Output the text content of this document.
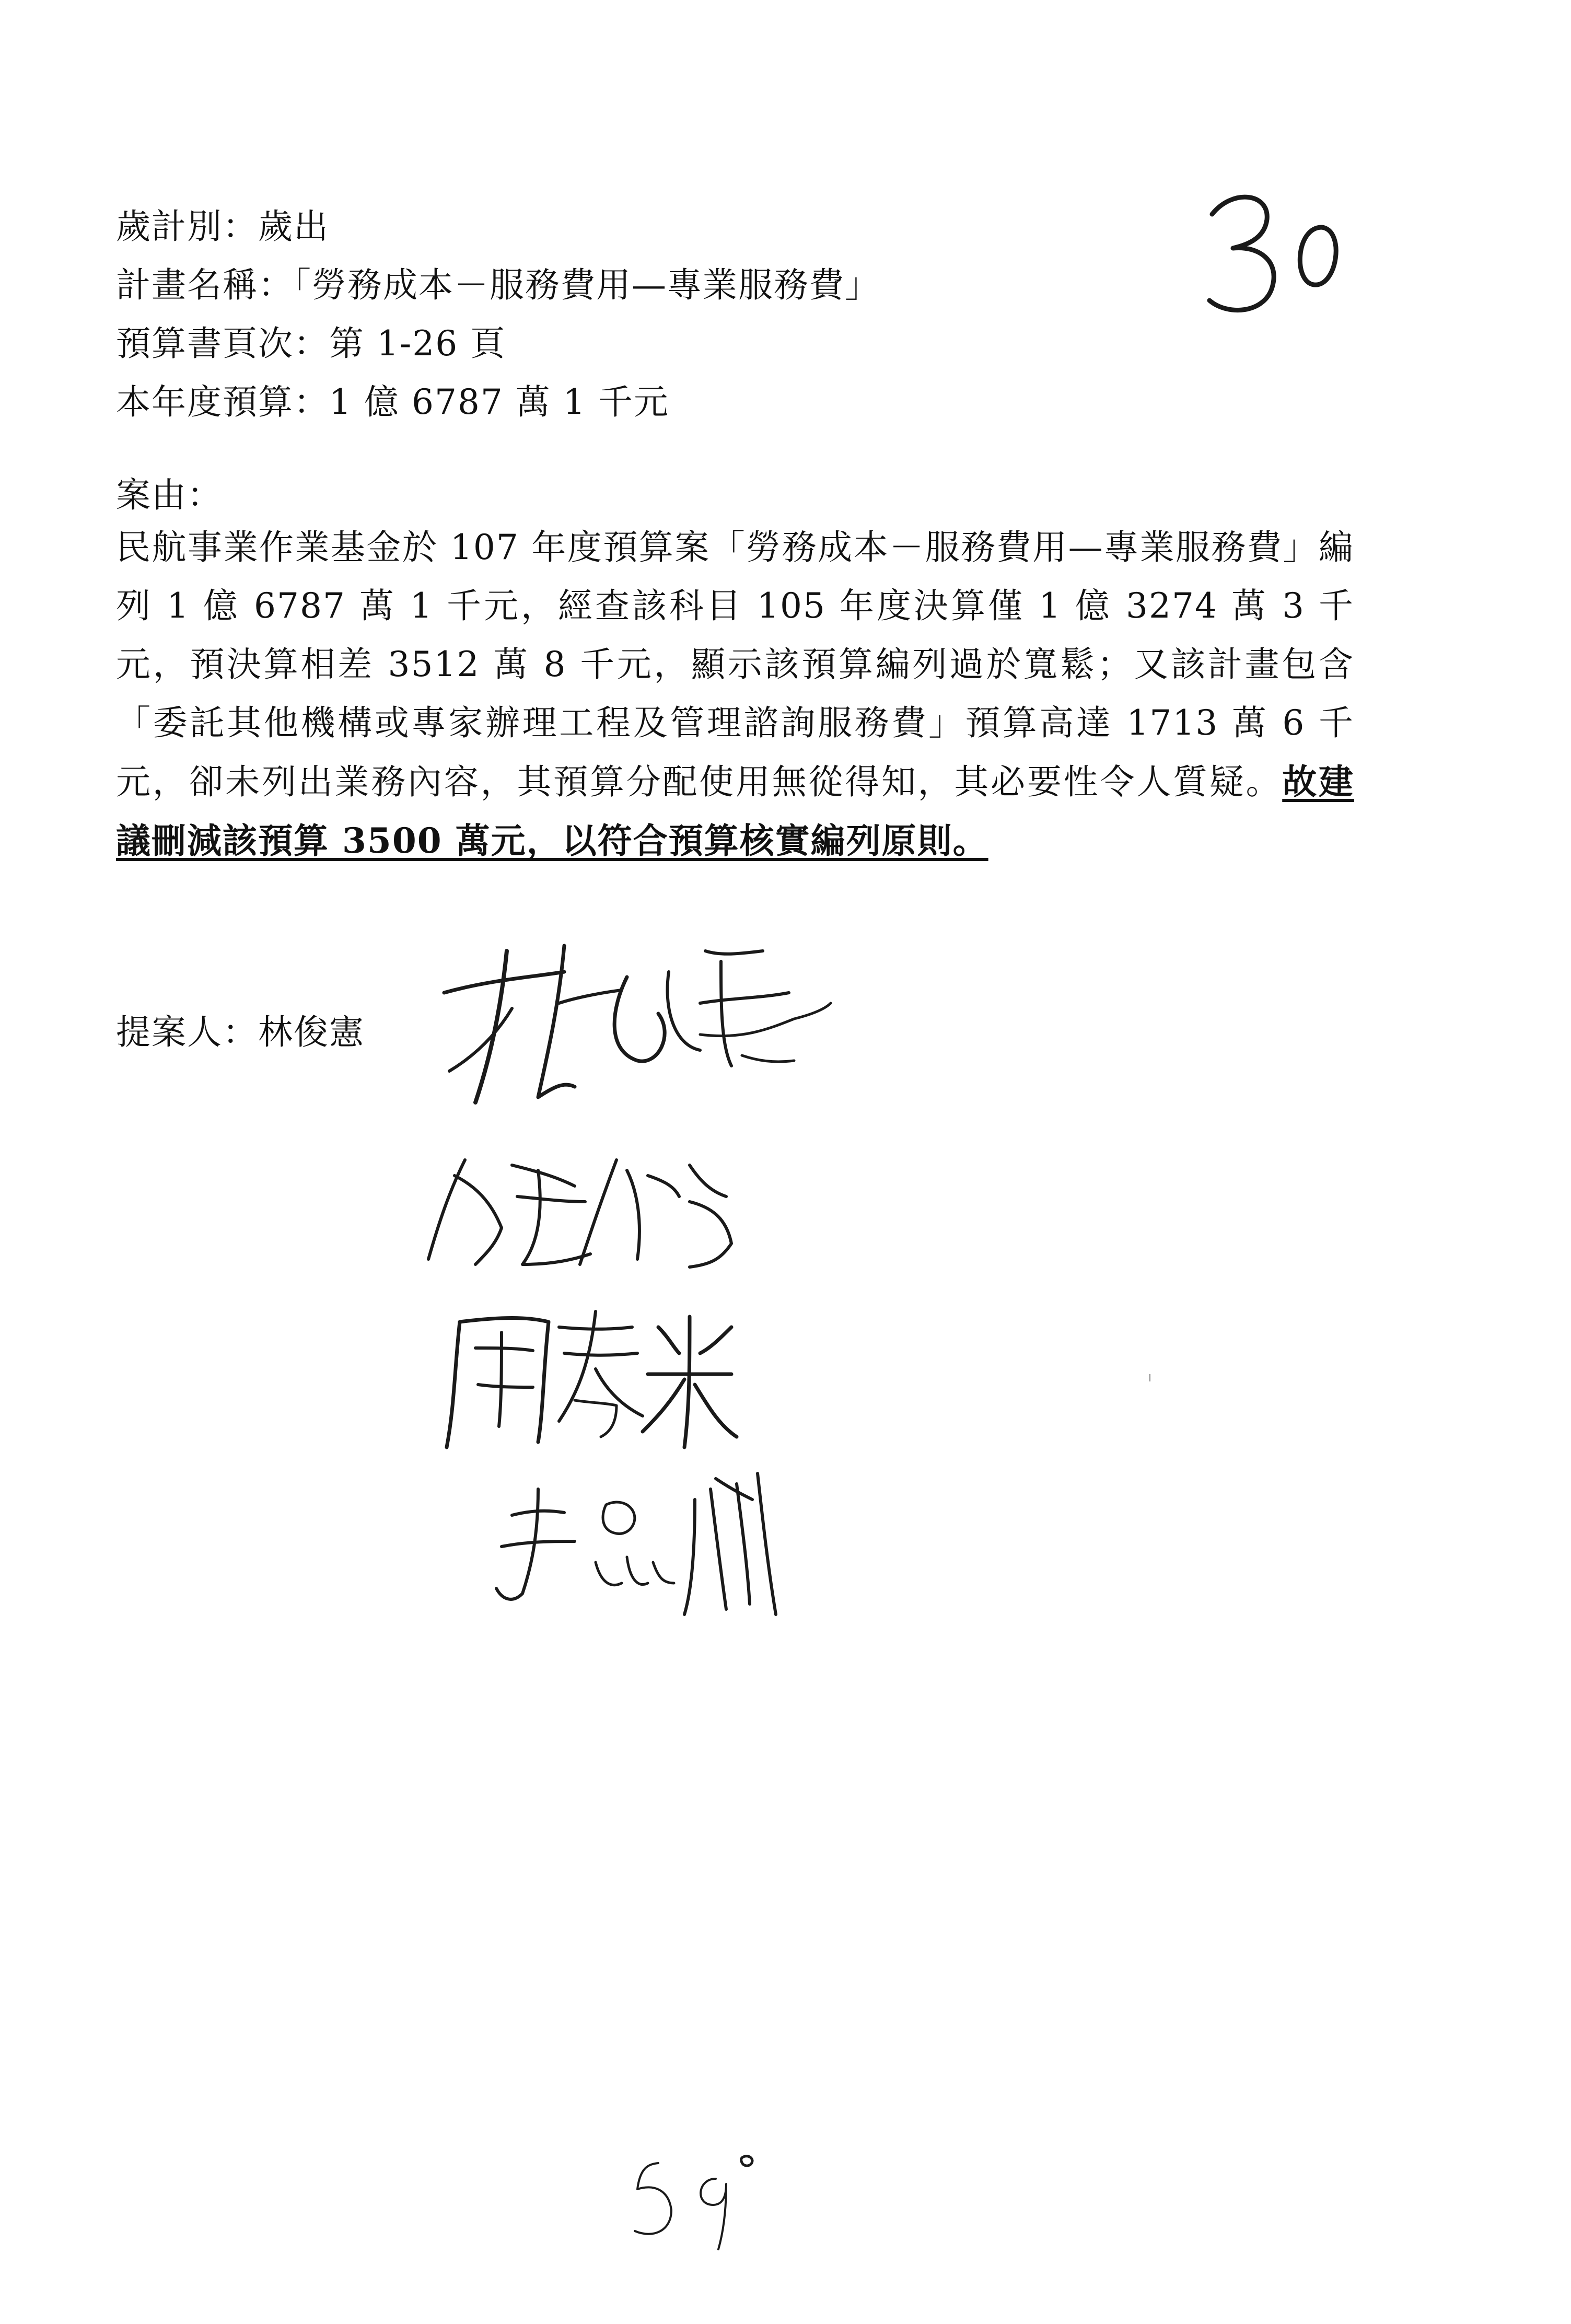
歲計別：歲出
計畫名稱：「勞務成本－服務費用—專業服務費」
預算書頁次：第 1-26 頁
本年度預算：1 億 6787 萬 1 千元
案由：
民航事業作業基金於 107 年度預算案「勞務成本－服務費用—專業服務費」編列 1 億 6787 萬 1 千元，經查該科目 105 年度決算僅 1 億 3274 萬 3 千元，預決算相差 3512 萬 8 千元，顯示該預算編列過於寬鬆；又該計畫包含「委託其他機構或專家辦理工程及管理諮詢服務費」預算高達 1713 萬 6 千元，卻未列出業務內容，其預算分配使用無從得知，其必要性令人質疑。故建議刪減該預算 3500 萬元，以符合預算核實編列原則。
提案人：林俊憲
